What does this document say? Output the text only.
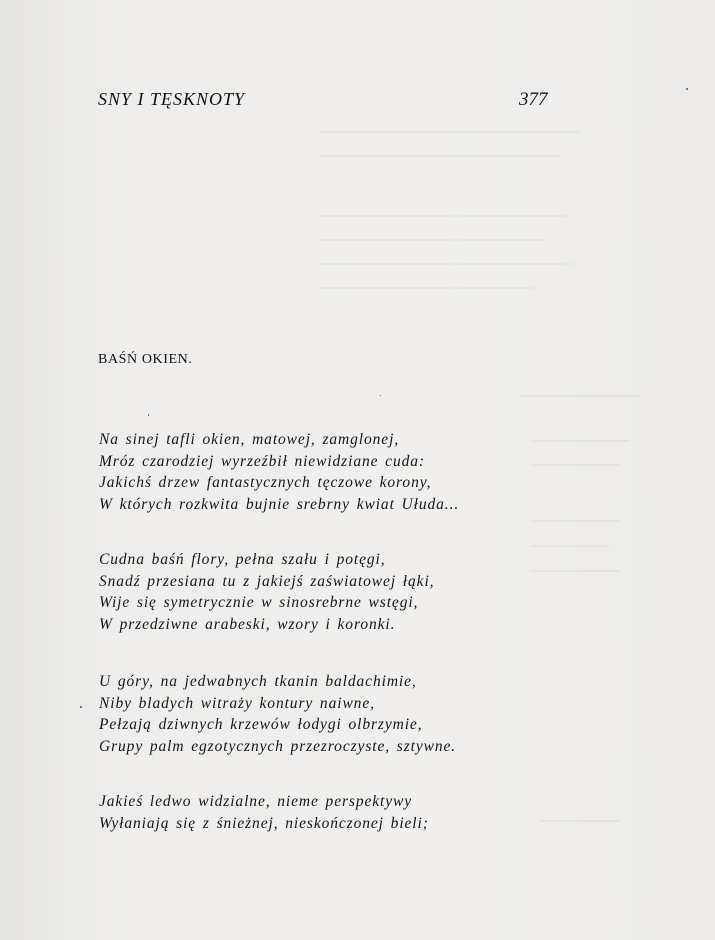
SNY I TĘSKNOTY	377
BAŚŃ OKIEN.
Na sinej tafli okien, matowej, zamglonej,
Mróz czarodziej wyrzeźbił niewidziane cuda:
Jakichś drzew fantastycznych tęczowe korony,
W których rozkwita bujnie srebrny kwiat Ułuda...
Cudna baśń flory, pełna szału i potęgi,
Snadź przesiana tu z jakiejś zaświatowej łąki,
Wije się symetrycznie w sinosrebrne wstęgi,
W przedziwne arabeski, wzory i koronki.
U góry, na jedwabnych tkanin baldachimie,
Niby bladych witraży kontury naiwne,
Pełzają dziwnych krzewów łodygi olbrzymie,
Grupy palm egzotycznych przezroczyste, sztywne.
Jakieś ledwo widzialne, nieme perspektywy
Wyłaniają się z śnieżnej, nieskończonej bieli;
